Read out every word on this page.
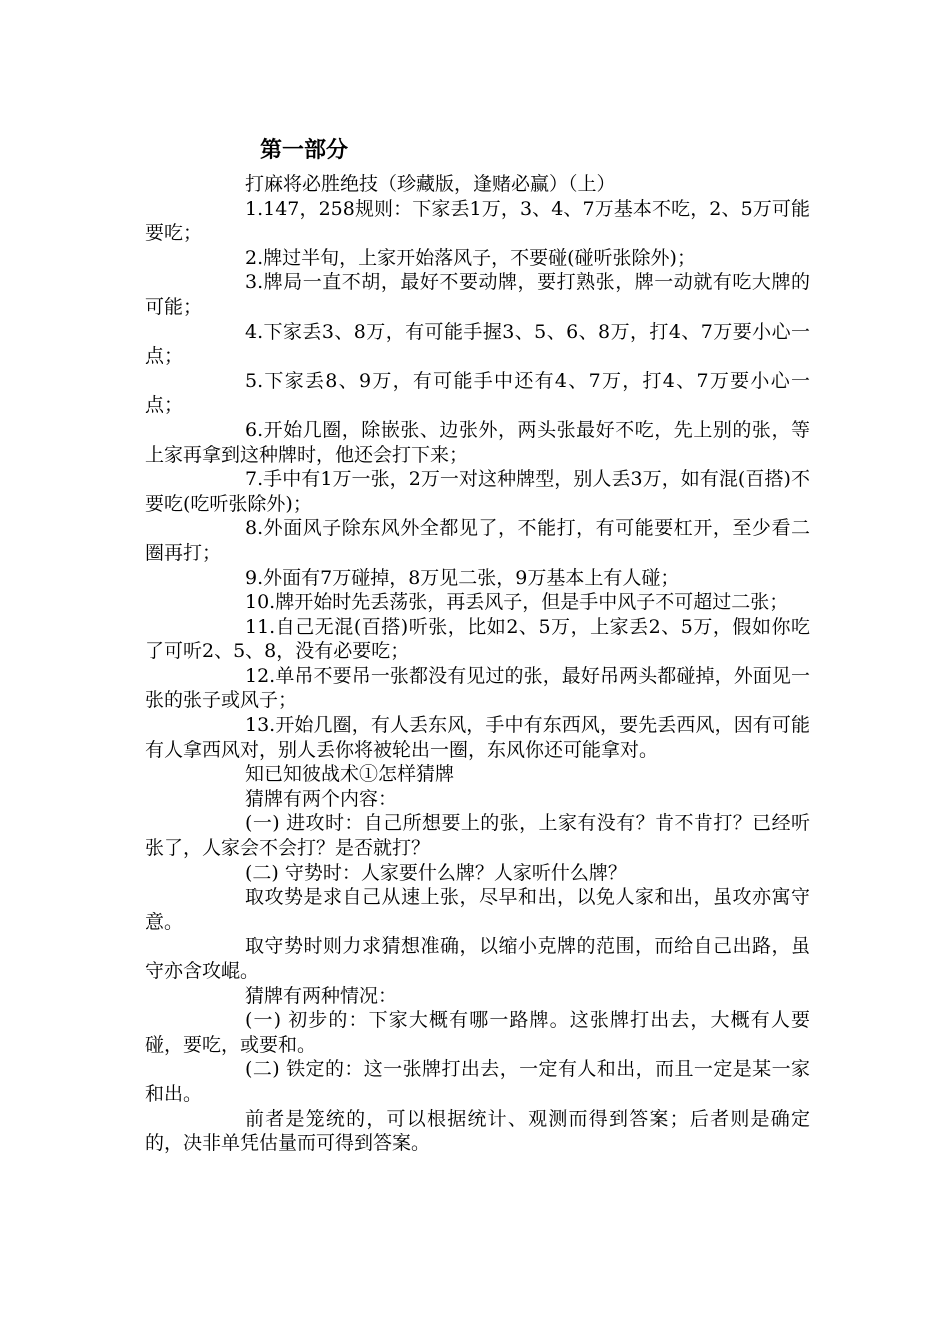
第一部分

打麻将必胜绝技（珍藏版，逢赌必赢）（上）

1.147，258规则：下家丢1万，3、4、7万基本不吃，2、5万可能要吃；

2.牌过半旬，上家开始落风子，不要碰(碰听张除外)；

3.牌局一直不胡，最好不要动牌，要打熟张，牌一动就有吃大牌的可能；

4.下家丢3、8万，有可能手握3、5、6、8万，打4、7万要小心一点；

5.下家丢8、9万，有可能手中还有4、7万，打4、7万要小心一点；

6.开始几圈，除嵌张、边张外，两头张最好不吃，先上别的张，等上家再拿到这种牌时，他还会打下来；

7.手中有1万一张，2万一对这种牌型，别人丢3万，如有混(百搭)不要吃(吃听张除外)；

8.外面风子除东风外全都见了，不能打，有可能要杠开，至少看二圈再打；

9.外面有7万碰掉，8万见二张，9万基本上有人碰；

10.牌开始时先丢荡张，再丢风子，但是手中风子不可超过二张；

11.自己无混(百搭)听张，比如2、5万，上家丢2、5万，假如你吃了可听2、5、8，没有必要吃；

12.单吊不要吊一张都没有见过的张，最好吊两头都碰掉，外面见一张的张子或风子；

13.开始几圈，有人丢东风，手中有东西风，要先丢西风，因有可能有人拿西风对，别人丢你将被轮出一圈，东风你还可能拿对。

知已知彼战术①怎样猜牌

猜牌有两个内容：

(一) 进攻时：自己所想要上的张，上家有没有？肯不肯打？已经听张了，人家会不会打？是否就打？

(二) 守势时：人家要什么牌？人家听什么牌？

取攻势是求自己从速上张，尽早和出，以免人家和出，虽攻亦寓守意。

取守势时则力求猜想准确，以缩小克牌的范围，而给自己出路，虽守亦含攻崐。

猜牌有两种情况：

(一) 初步的：下家大概有哪一路牌。这张牌打出去，大概有人要碰，要吃，或要和。

(二) 铁定的：这一张牌打出去，一定有人和出，而且一定是某一家和出。

前者是笼统的，可以根据统计、观测而得到答案；后者则是确定的，决非单凭估量而可得到答案。
